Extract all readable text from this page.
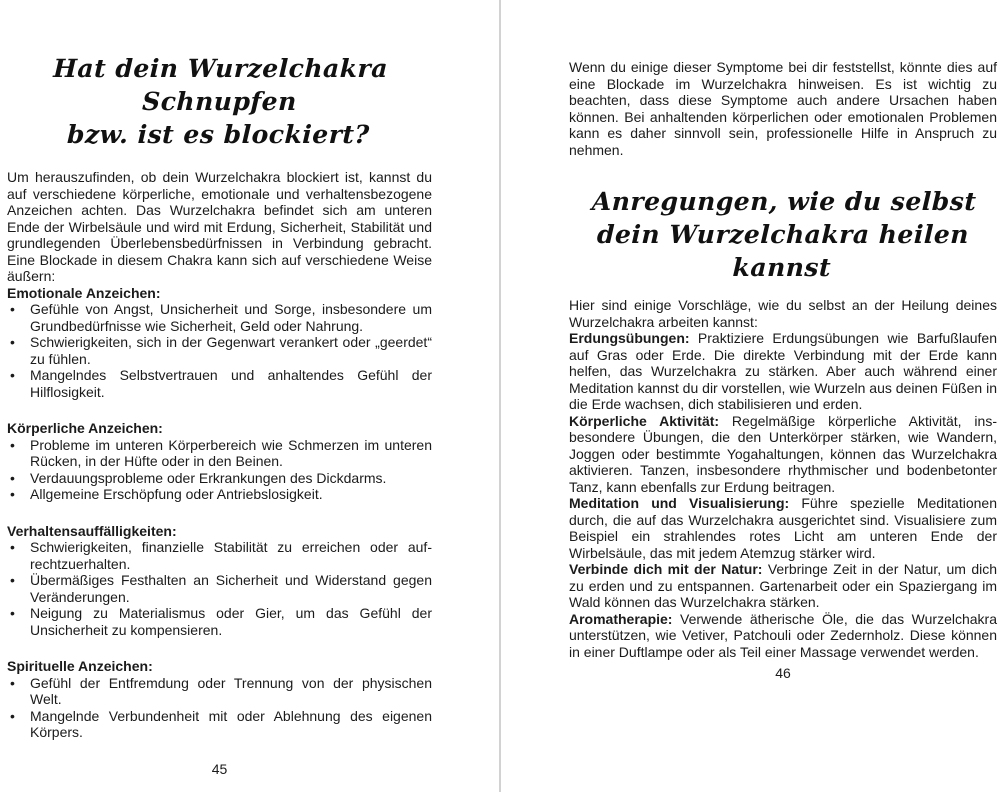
Hat dein Wurzelchakra Schnupfen
bzw. ist es blockiert?

Um herauszufinden, ob dein Wurzelchakra blockiert ist, kannst du auf verschiedene körperliche, emotionale und verhaltensbezogene Anzeichen achten. Das Wurzelchakra befindet sich am unteren Ende der Wirbelsäule und wird mit Erdung, Sicherheit, Stabilität und grundlegenden Überlebensbedürfnissen in Verbindung gebracht. Eine Blockade in diesem Chakra kann sich auf verschiedene Weise äußern:

Emotionale Anzeichen:

• Gefühle von Angst, Unsicherheit und Sorge, insbesondere um Grundbedürfnisse wie Sicherheit, Geld oder Nahrung.
• Schwierigkeiten, sich in der Gegenwart verankert oder „geerdet“ zu fühlen.
• Mangelndes Selbstvertrauen und anhaltendes Gefühl der Hilflosigkeit.

Körperliche Anzeichen:

• Probleme im unteren Körperbereich wie Schmerzen im unteren Rücken, in der Hüfte oder in den Beinen.
• Verdauungsprobleme oder Erkrankungen des Dickdarms.
• Allgemeine Erschöpfung oder Antriebslosigkeit.

Verhaltensauffälligkeiten:

• Schwierigkeiten, finanzielle Stabilität zu erreichen oder aufrechtzuerhalten.
• Übermäßiges Festhalten an Sicherheit und Widerstand gegen Veränderungen.
• Neigung zu Materialismus oder Gier, um das Gefühl der Unsicherheit zu kompensieren.

Spirituelle Anzeichen:

• Gefühl der Entfremdung oder Trennung von der physischen Welt.
• Mangelnde Verbundenheit mit oder Ablehnung des eigenen Körpers.
45

Wenn du einige dieser Symptome bei dir feststellst, könnte dies auf eine Blockade im Wurzelchakra hinweisen. Es ist wichtig zu beachten, dass diese Symptome auch andere Ursachen haben können. Bei anhaltenden körperlichen oder emotionalen Problemen kann es daher sinnvoll sein, professionelle Hilfe in Anspruch zu nehmen.

Anregungen, wie du selbst
dein Wurzelchakra heilen kannst

Hier sind einige Vorschläge, wie du selbst an der Heilung deines Wurzelchakra arbeiten kannst:

Erdungsübungen: Praktiziere Erdungsübungen wie Barfußlaufen auf Gras oder Erde. Die direkte Verbindung mit der Erde kann helfen, das Wurzelchakra zu stärken. Aber auch während einer Meditation kannst du dir vorstellen, wie Wurzeln aus deinen Füßen in die Erde wachsen, dich stabilisieren und erden.

Körperliche Aktivität: Regelmäßige körperliche Aktivität, insbesondere Übungen, die den Unterkörper stärken, wie Wandern, Joggen oder bestimmte Yogahaltungen, können das Wurzelchakra aktivieren. Tanzen, insbesondere rhythmischer und bodenbetonter Tanz, kann ebenfalls zur Erdung beitragen.

Meditation und Visualisierung: Führe spezielle Meditationen durch, die auf das Wurzelchakra ausgerichtet sind. Visualisiere zum Beispiel ein strahlendes rotes Licht am unteren Ende der Wirbelsäule, das mit jedem Atemzug stärker wird.

Verbinde dich mit der Natur: Verbringe Zeit in der Natur, um dich zu erden und zu entspannen. Gartenarbeit oder ein Spaziergang im Wald können das Wurzelchakra stärken.

Aromatherapie: Verwende ätherische Öle, die das Wurzelchakra unterstützen, wie Vetiver, Patchouli oder Zedernholz. Diese können in einer Duftlampe oder als Teil einer Massage verwendet werden.

46
